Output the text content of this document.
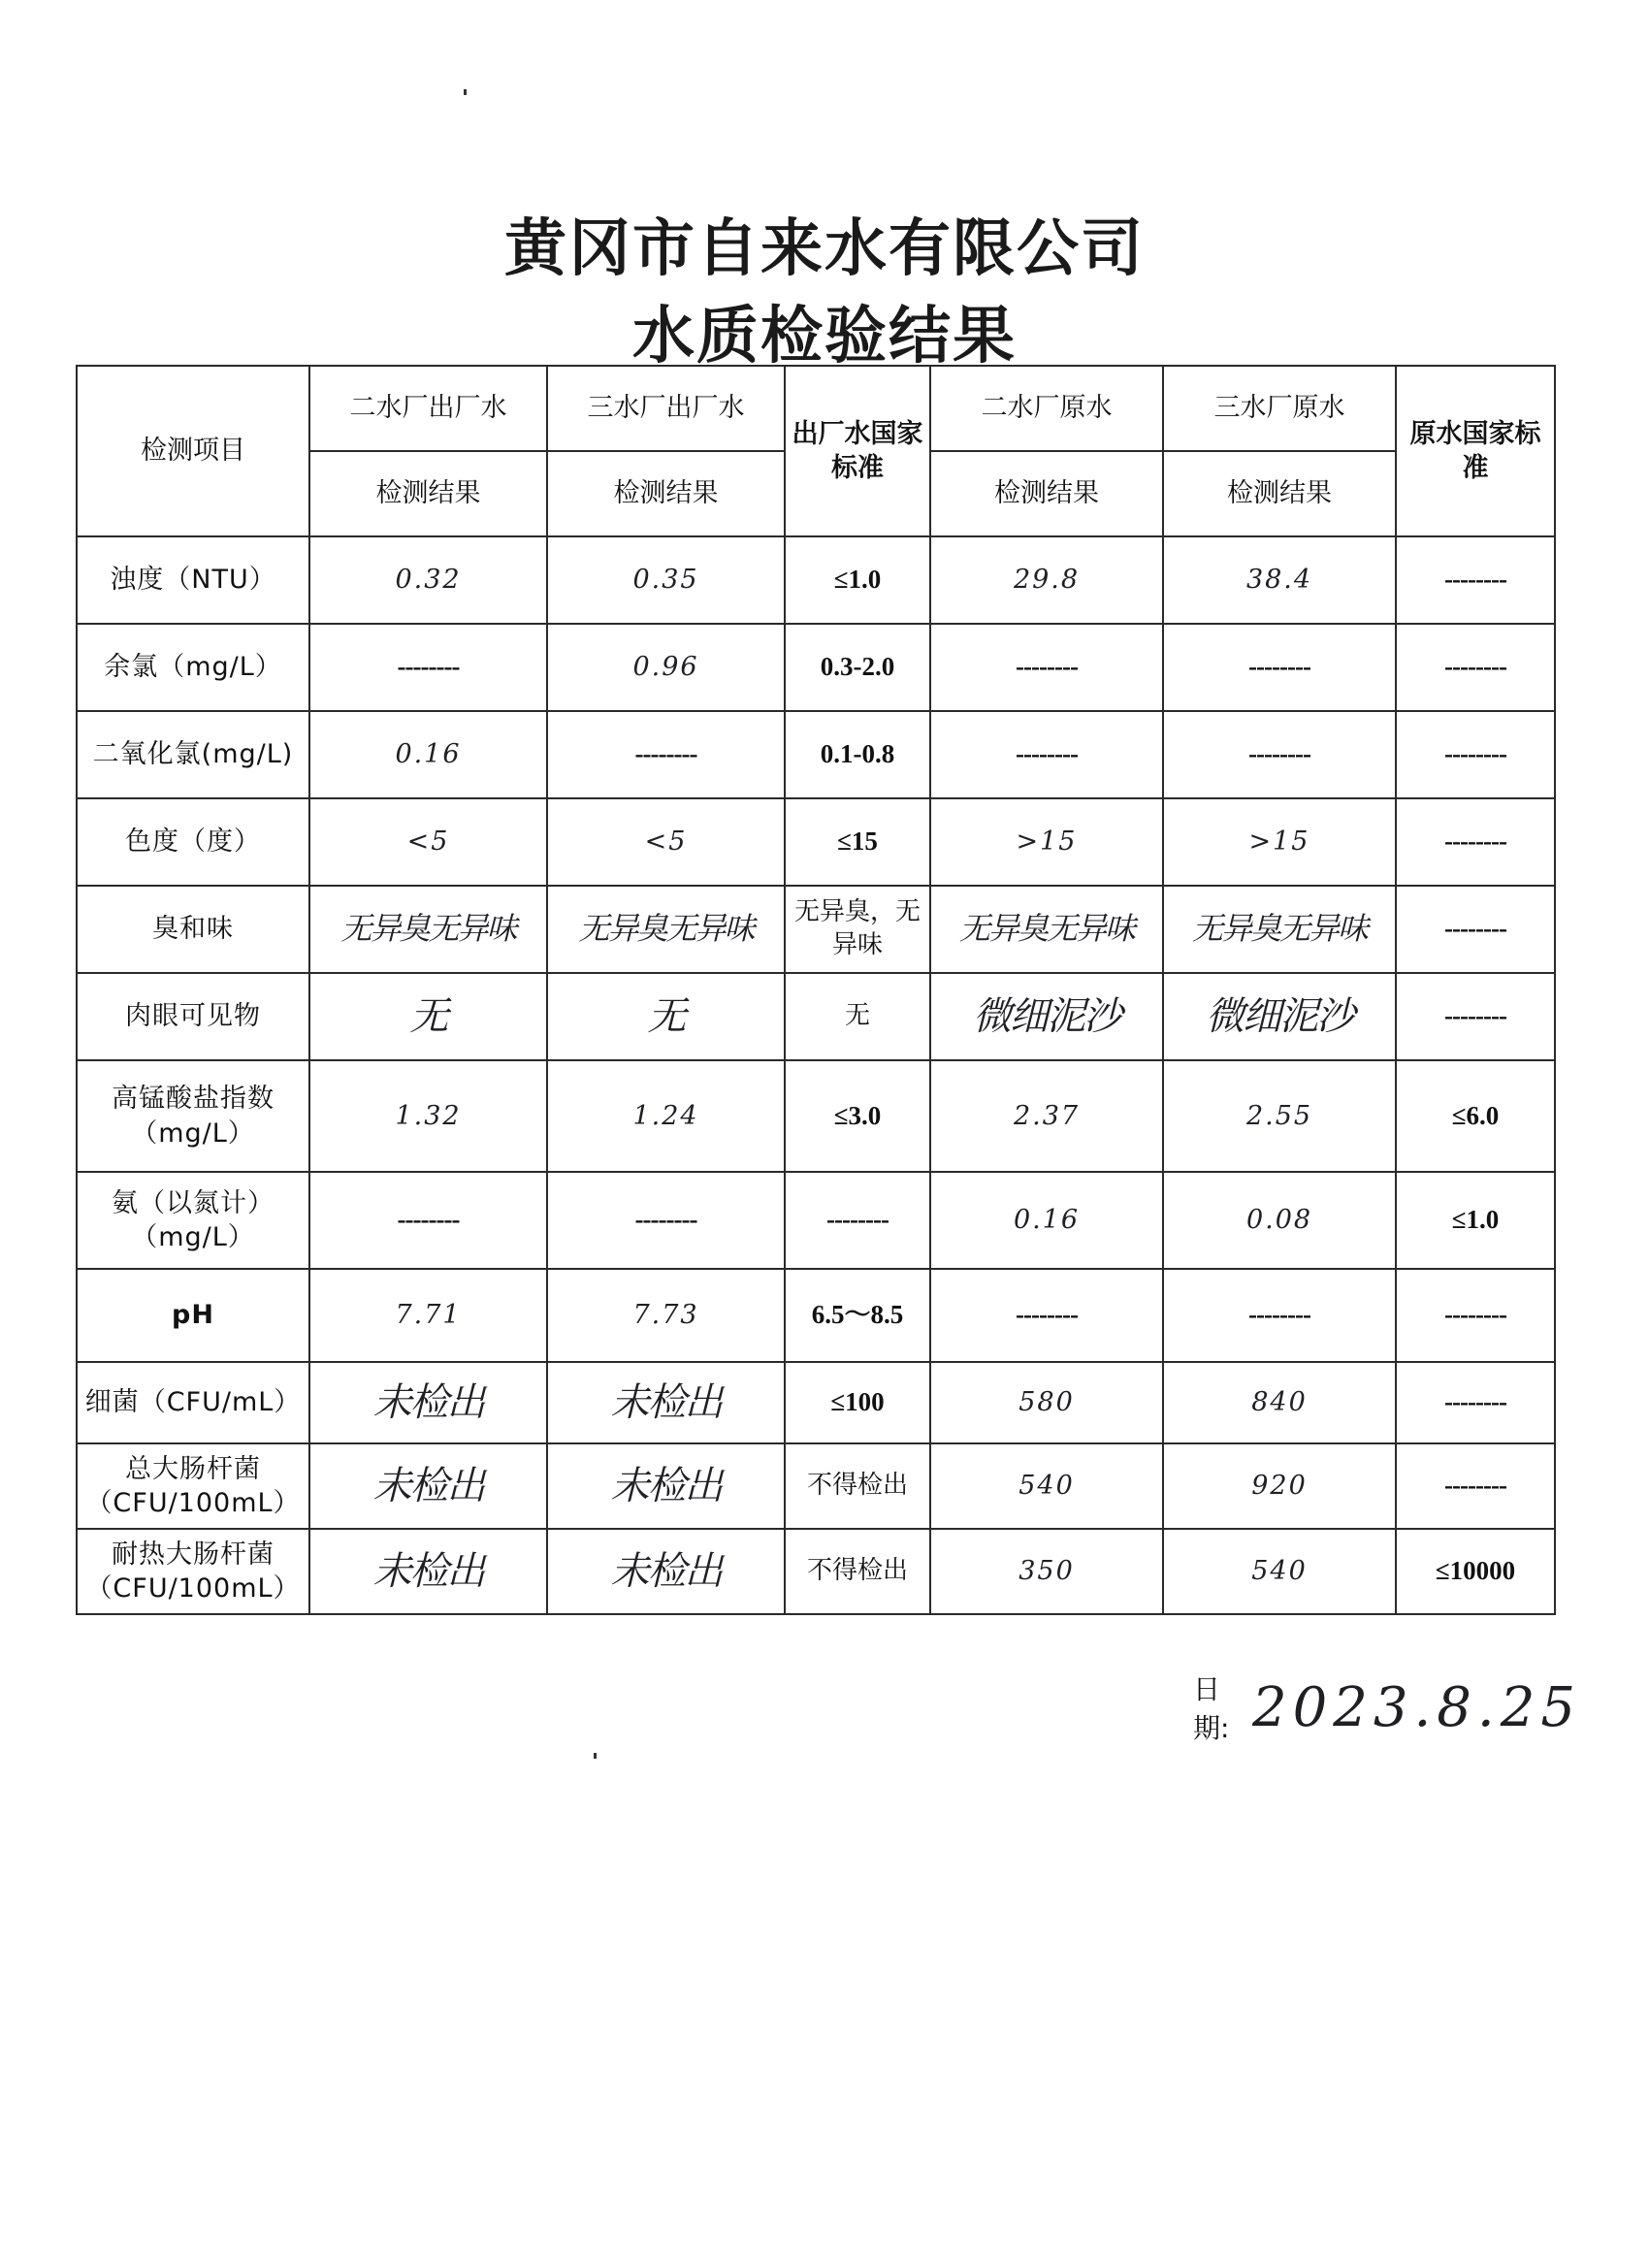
黄冈市自来水有限公司
水质检验结果
检测项目	二水厂出厂水	三水厂出厂水	出厂水国家标准	二水厂原水	三水厂原水	原水国家标准
	检测结果	检测结果		检测结果	检测结果	
浊度（NTU）	0.32	0.35	≤1.0	29.8	38.4	--------
余氯（mg/L）	--------	0.96	0.3-2.0	--------	--------	--------
二氧化氯(mg/L)	0.16	--------	0.1-0.8	--------	--------	--------
色度（度）	<5	<5	≤15	>15	>15	--------
臭和味	无异臭无异味	无异臭无异味	无异臭，无异味	无异臭无异味	无异臭无异味	--------
肉眼可见物	无	无	无	微细泥沙	微细泥沙	--------
高锰酸盐指数（mg/L）	1.32	1.24	≤3.0	2.37	2.55	≤6.0
氨（以氮计）（mg/L）	--------	--------	--------	0.16	0.08	≤1.0
pH	7.71	7.73	6.5～8.5	--------	--------	--------
细菌（CFU/mL）	未检出	未检出	≤100	580	840	--------
总大肠杆菌（CFU/100mL）	未检出	未检出	不得检出	540	920	--------
耐热大肠杆菌（CFU/100mL）	未检出	未检出	不得检出	350	540	≤10000
日期: 2023.8.25
